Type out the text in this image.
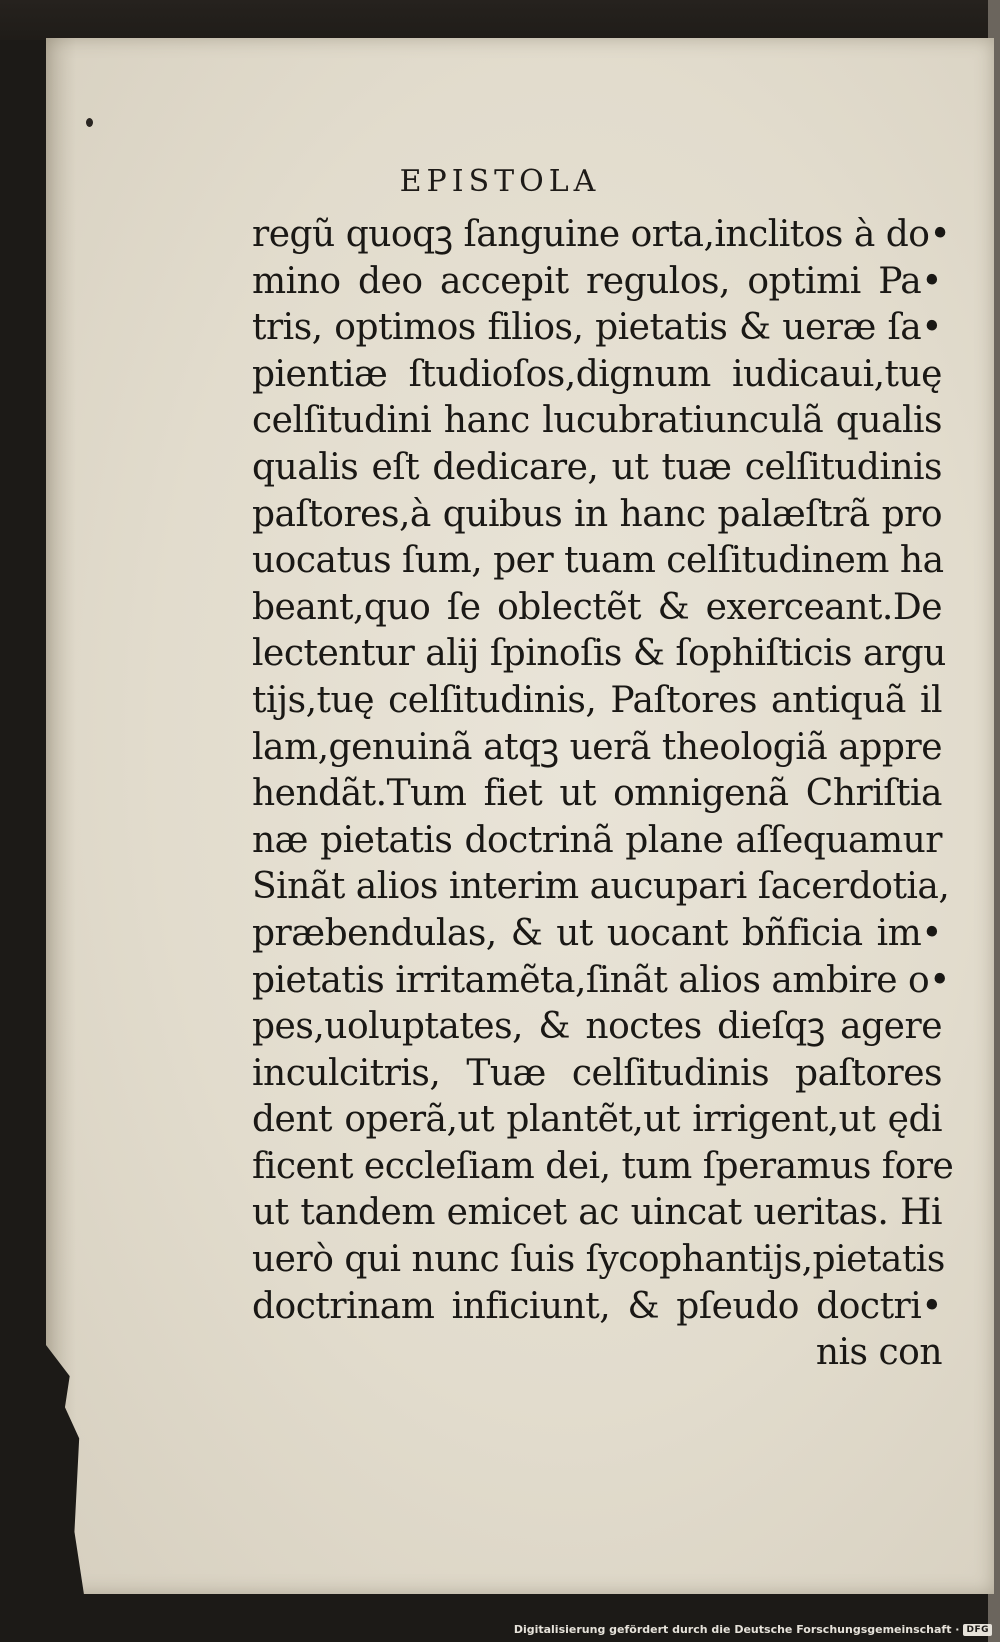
EPISTOLA
regũ quoqꝫ ſanguine orta,inclitos à do•
mino deo accepit regulos, optimi Pa•
tris, optimos filios, pietatis & ueræ ſa•
pientiæ ſtudioſos,dignum iudicaui,tuę
celſitudini hanc lucubratiunculã qualis
qualis eſt dedicare, ut tuæ celſitudinis
paſtores,à quibus in hanc palæſtrã pro
uocatus ſum, per tuam celſitudinem ha
beant,quo ſe oblectẽt & exerceant.De
lectentur alij ſpinoſis & ſophiſticis argu
tijs,tuę celſitudinis, Paſtores antiquã il
lam,genuinã atqꝫ uerã theologiã appre
hendãt.Tum fiet ut omnigenã Chriſtia
næ pietatis doctrinã plane aſſequamur
Sinãt alios interim aucupari ſacerdotia,
præbendulas, & ut uocant bñficia im•
pietatis irritamẽta,ſinãt alios ambire o•
pes,uoluptates, & noctes dieſqꝫ agere
inculcitris, Tuæ celſitudinis paſtores
dent operã,ut plantẽt,ut irrigent,ut ędi
ficent eccleſiam dei, tum ſperamus fore
ut tandem emicet ac uincat ueritas. Hi
uerò qui nunc ſuis ſycophantijs,pietatis
doctrinam inficiunt, & pſeudo doctri•
nis con
Digitalisierung gefördert durch die Deutsche Forschungsgemeinschaft · DFG
